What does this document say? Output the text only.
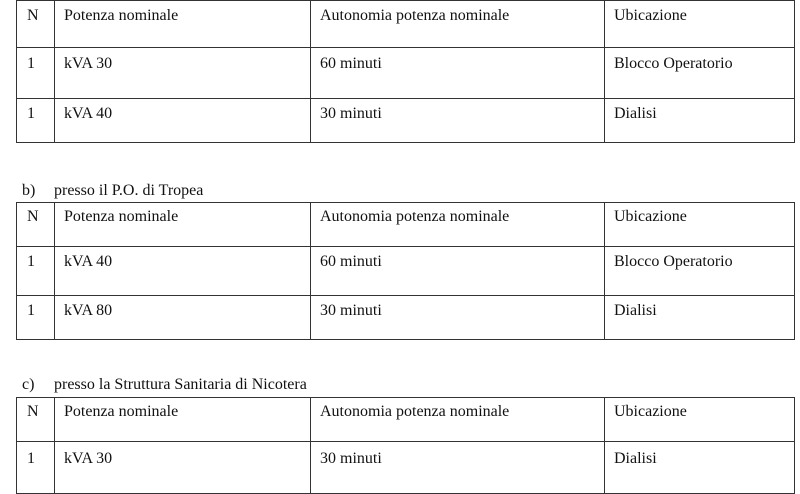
N	Potenza nominale	Autonomia potenza nominale	Ubicazione
1	kVA 30	60 minuti	Blocco Operatorio
1	kVA 40	30 minuti	Dialisi
b) presso il P.O. di Tropea
N	Potenza nominale	Autonomia potenza nominale	Ubicazione
1	kVA 40	60 minuti	Blocco Operatorio
1	kVA 80	30 minuti	Dialisi
c) presso la Struttura Sanitaria di Nicotera
N	Potenza nominale	Autonomia potenza nominale	Ubicazione
1	kVA 30	30 minuti	Dialisi
